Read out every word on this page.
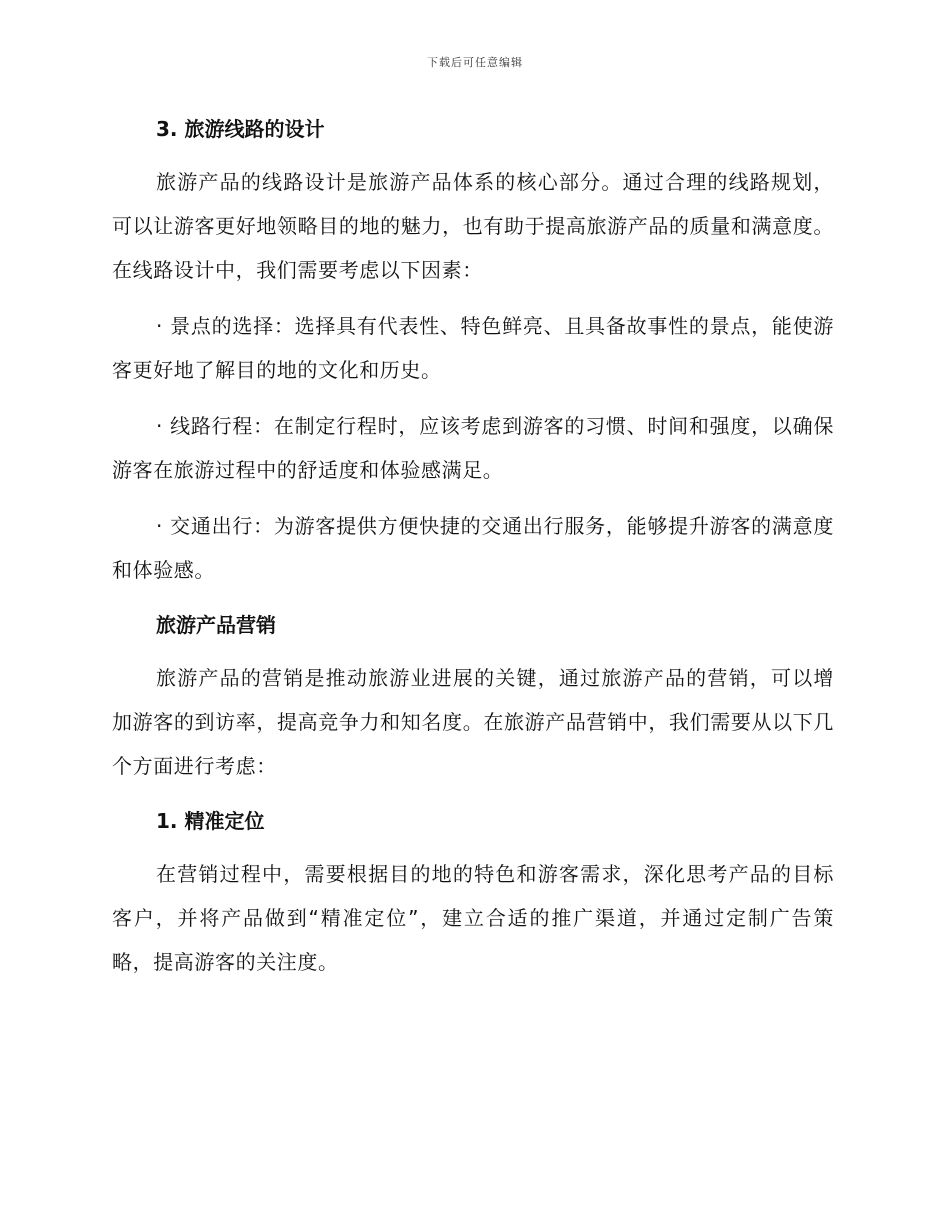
下载后可任意编辑
3. 旅游线路的设计

旅游产品的线路设计是旅游产品体系的核心部分。通过合理的线路规划，可以让游客更好地领略目的地的魅力，也有助于提高旅游产品的质量和满意度。在线路设计中，我们需要考虑以下因素：

· 景点的选择：选择具有代表性、特色鲜亮、且具备故事性的景点，能使游客更好地了解目的地的文化和历史。

· 线路行程：在制定行程时，应该考虑到游客的习惯、时间和强度，以确保游客在旅游过程中的舒适度和体验感满足。

· 交通出行：为游客提供方便快捷的交通出行服务，能够提升游客的满意度和体验感。

旅游产品营销

旅游产品的营销是推动旅游业进展的关键，通过旅游产品的营销，可以增加游客的到访率，提高竞争力和知名度。在旅游产品营销中，我们需要从以下几个方面进行考虑：

1. 精准定位

在营销过程中，需要根据目的地的特色和游客需求，深化思考产品的目标客户，并将产品做到“精准定位”，建立合适的推广渠道，并通过定制广告策略，提高游客的关注度。
